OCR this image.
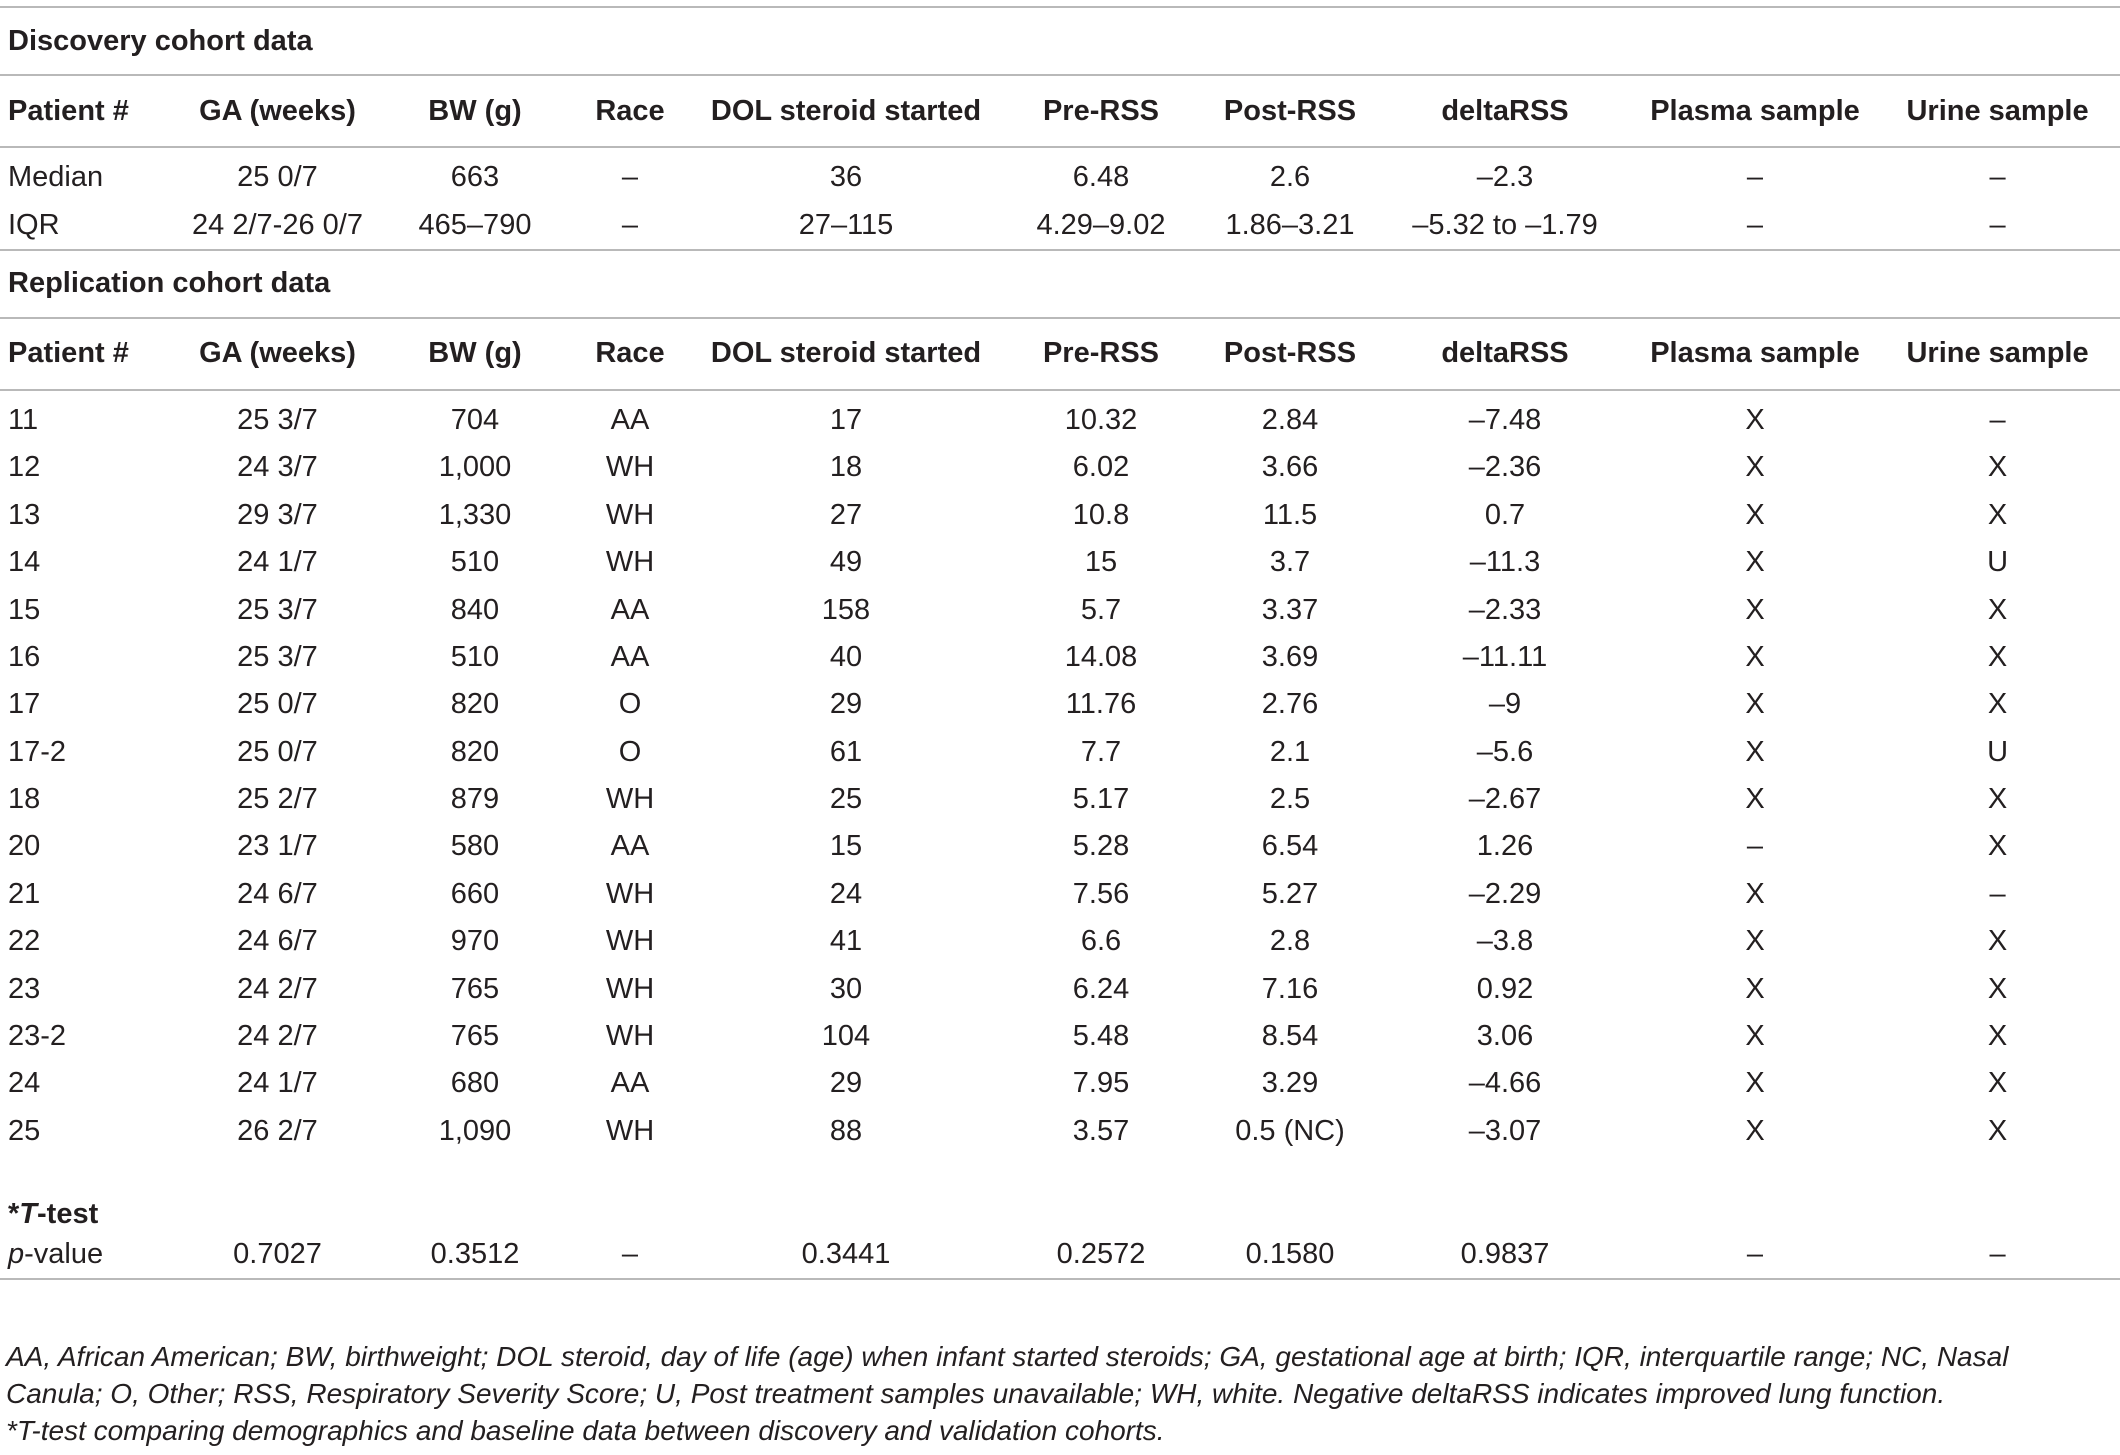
Discovery cohort data									
Patient #	GA (weeks)	BW (g)	Race	DOL steroid started	Pre-RSS	Post-RSS	deltaRSS	Plasma sample	Urine sample
Median	25 0/7	663	–	36	6.48	2.6	–2.3	–	–
IQR	24 2/7-26 0/7	465–790	–	27–115	4.29–9.02	1.86–3.21	–5.32 to –1.79	–	–
Replication cohort data									
Patient #	GA (weeks)	BW (g)	Race	DOL steroid started	Pre-RSS	Post-RSS	deltaRSS	Plasma sample	Urine sample
11	25 3/7	704	AA	17	10.32	2.84	–7.48	X	–
12	24 3/7	1,000	WH	18	6.02	3.66	–2.36	X	X
13	29 3/7	1,330	WH	27	10.8	11.5	0.7	X	X
14	24 1/7	510	WH	49	15	3.7	–11.3	X	U
15	25 3/7	840	AA	158	5.7	3.37	–2.33	X	X
16	25 3/7	510	AA	40	14.08	3.69	–11.11	X	X
17	25 0/7	820	O	29	11.76	2.76	–9	X	X
17-2	25 0/7	820	O	61	7.7	2.1	–5.6	X	U
18	25 2/7	879	WH	25	5.17	2.5	–2.67	X	X
20	23 1/7	580	AA	15	5.28	6.54	1.26	–	X
21	24 6/7	660	WH	24	7.56	5.27	–2.29	X	–
22	24 6/7	970	WH	41	6.6	2.8	–3.8	X	X
23	24 2/7	765	WH	30	6.24	7.16	0.92	X	X
23-2	24 2/7	765	WH	104	5.48	8.54	3.06	X	X
24	24 1/7	680	AA	29	7.95	3.29	–4.66	X	X
25	26 2/7	1,090	WH	88	3.57	0.5 (NC)	–3.07	X	X

*T-test									
p-value	0.7027	0.3512	–	0.3441	0.2572	0.1580	0.9837	–	–

AA, African American; BW, birthweight; DOL steroid, day of life (age) when infant started steroids; GA, gestational age at birth; IQR, interquartile range; NC, Nasal Canula; O, Other; RSS, Respiratory Severity Score; U, Post treatment samples unavailable; WH, white. Negative deltaRSS indicates improved lung function.

*T-test comparing demographics and baseline data between discovery and validation cohorts.
